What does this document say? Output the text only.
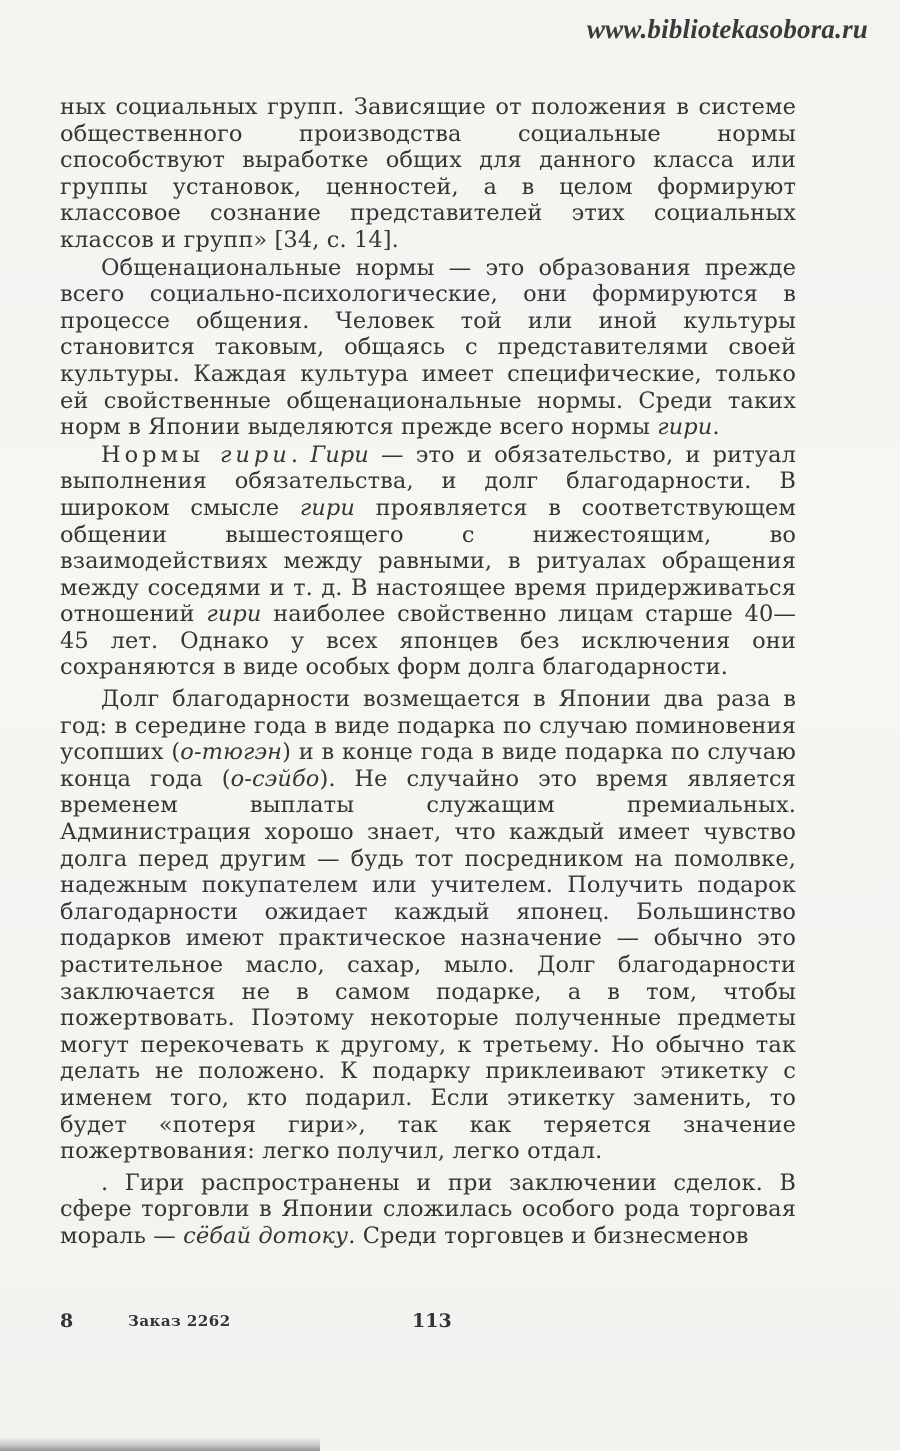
www.bibliotekasobora.ru

ных социальных групп. Зависящие от положения в системе общественного производства социальные нормы способствуют выработке общих для данного класса или группы установок, ценностей, а в целом формируют классовое сознание представителей этих социальных классов и групп» [34, с. 14].

Общенациональные нормы — это образования прежде всего социально-психологические, они формируются в процессе общения. Человек той или иной культуры становится таковым, общаясь с представителями своей культуры. Каждая культура имеет специфические, только ей свойственные общенациональные нормы. Среди таких норм в Японии выделяются прежде всего нормы гири.

Нормы гири. Гири — это и обязательство, и ритуал выполнения обязательства, и долг благодарности. В широком смысле гири проявляется в соответствующем общении вышестоящего с нижестоящим, во взаимодействиях между равными, в ритуалах обращения между соседями и т. д. В настоящее время придерживаться отношений гири наиболее свойственно лицам старше 40—45 лет. Однако у всех японцев без исключения они сохраняются в виде особых форм долга благодарности.

Долг благодарности возмещается в Японии два раза в год: в середине года в виде подарка по случаю поминовения усопших (о-тюгэн) и в конце года в виде подарка по случаю конца года (о-сэйбо). Не случайно это время является временем выплаты служащим премиальных. Администрация хорошо знает, что каждый имеет чувство долга перед другим — будь тот посредником на помолвке, надежным покупателем или учителем. Получить подарок благодарности ожидает каждый японец. Большинство подарков имеют практическое назначение — обычно это растительное масло, сахар, мыло. Долг благодарности заключается не в самом подарке, а в том, чтобы пожертвовать. Поэтому некоторые полученные предметы могут перекочевать к другому, к третьему. Но обычно так делать не положено. К подарку приклеивают этикетку с именем того, кто подарил. Если этикетку заменить, то будет «потеря гири», так как теряется значение пожертвования: легко получил, легко отдал.

. Гири распространены и при заключении сделок. В сфере торговли в Японии сложилась особого рода торговая мораль — сёбай дотоку. Среди торговцев и бизнесменов

8	Заказ 2262	113
